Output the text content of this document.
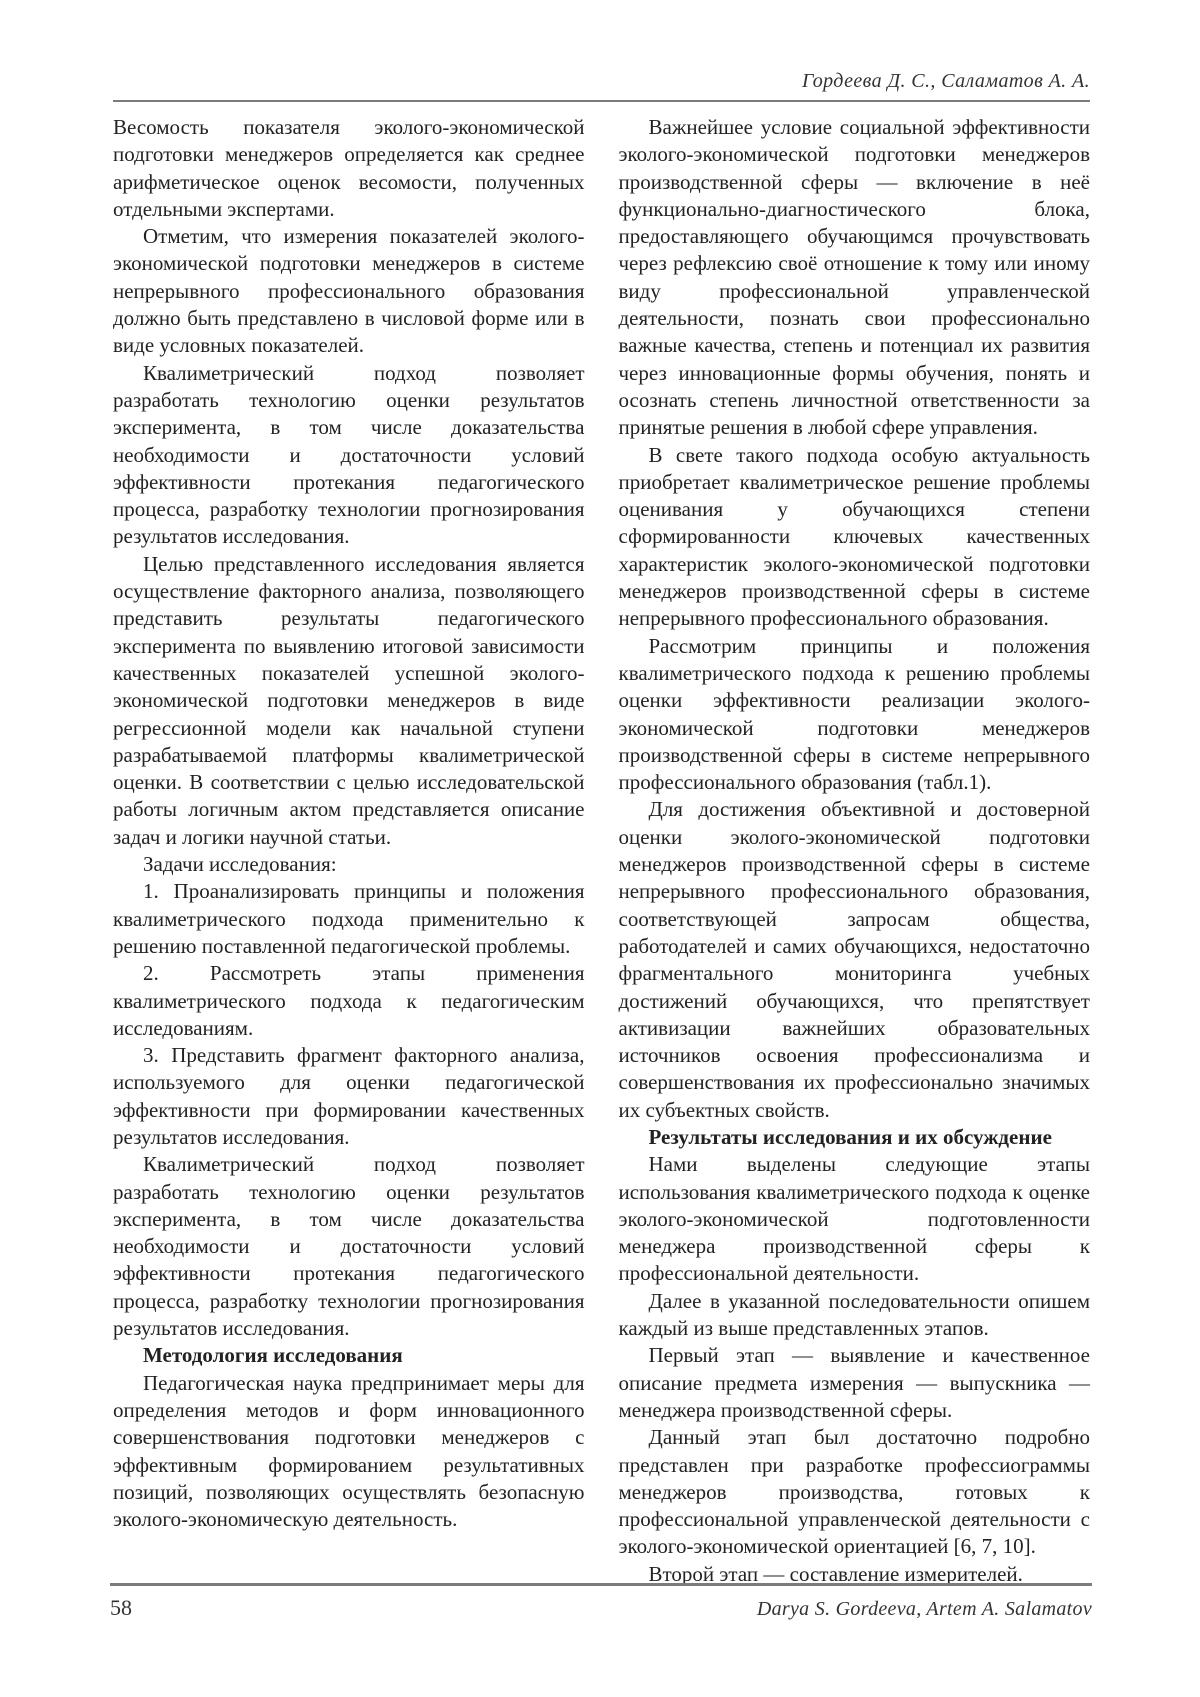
Гордеева Д. С., Саламатов А. А.

Весомость показателя эколого-экономической подготовки менеджеров определяется как среднее арифметическое оценок весомости, полученных отдельными экспертами.

Отметим, что измерения показателей эколого-экономической подготовки менеджеров в системе непрерывного профессионального образования должно быть представлено в числовой форме или в виде условных показателей.

Квалиметрический подход позволяет разработать технологию оценки результатов эксперимента, в том числе доказательства необходимости и достаточности условий эффективности протекания педагогического процесса, разработку технологии прогнозирования результатов исследования.

Целью представленного исследования является осуществление факторного анализа, позволяющего представить результаты педагогического эксперимента по выявлению итоговой зависимости качественных показателей успешной эколого-экономической подготовки менеджеров в виде регрессионной модели как начальной ступени разрабатываемой платформы квалиметрической оценки. В соответствии с целью исследовательской работы логичным актом представляется описание задач и логики научной статьи.

Задачи исследования:

1. Проанализировать принципы и положения квалиметрического подхода применительно к решению поставленной педагогической проблемы.

2. Рассмотреть этапы применения квалиметрического подхода к педагогическим исследованиям.

3. Представить фрагмент факторного анализа, используемого для оценки педагогической эффективности при формировании качественных результатов исследования.

Квалиметрический подход позволяет разработать технологию оценки результатов эксперимента, в том числе доказательства необходимости и достаточности условий эффективности протекания педагогического процесса, разработку технологии прогнозирования результатов исследования.

Методология исследования

Педагогическая наука предпринимает меры для определения методов и форм инновационного совершенствования подготовки менеджеров с эффективным формированием результативных позиций, позволяющих осуществлять безопасную эколого-экономическую деятельность.

Важнейшее условие социальной эффективности эколого-экономической подготовки менеджеров производственной сферы — включение в неё функционально-диагностического блока, предоставляющего обучающимся прочувствовать через рефлексию своё отношение к тому или иному виду профессиональной управленческой деятельности, познать свои профессионально важные качества, степень и потенциал их развития через инновационные формы обучения, понять и осознать степень личностной ответственности за принятые решения в любой сфере управления.

В свете такого подхода особую актуальность приобретает квалиметрическое решение проблемы оценивания у обучающихся степени сформированности ключевых качественных характеристик эколого-экономической подготовки менеджеров производственной сферы в системе непрерывного профессионального образования.

Рассмотрим принципы и положения квалиметрического подхода к решению проблемы оценки эффективности реализации эколого-экономической подготовки менеджеров производственной сферы в системе непрерывного профессионального образования (табл.1).

Для достижения объективной и достоверной оценки эколого-экономической подготовки менеджеров производственной сферы в системе непрерывного профессионального образования, соответствующей запросам общества, работодателей и самих обучающихся, недостаточно фрагментального мониторинга учебных достижений обучающихся, что препятствует активизации важнейших образовательных источников освоения профессионализма и совершенствования их профессионально значимых их субъектных свойств.

Результаты исследования и их обсуждение

Нами выделены следующие этапы использования квалиметрического подхода к оценке эколого-экономической подготовленности менеджера производственной сферы к профессиональной деятельности.

Далее в указанной последовательности опишем каждый из выше представленных этапов.

Первый этап — выявление и качественное описание предмета измерения — выпускника — менеджера производственной сферы.

Данный этап был достаточно подробно представлен при разработке профессиограммы менеджеров производства, готовых к профессиональной управленческой деятельности с эколого-экономической ориентацией [6, 7, 10].

Второй этап — составление измерителей.

58	Darya S. Gordeeva, Artem A. Salamatov
